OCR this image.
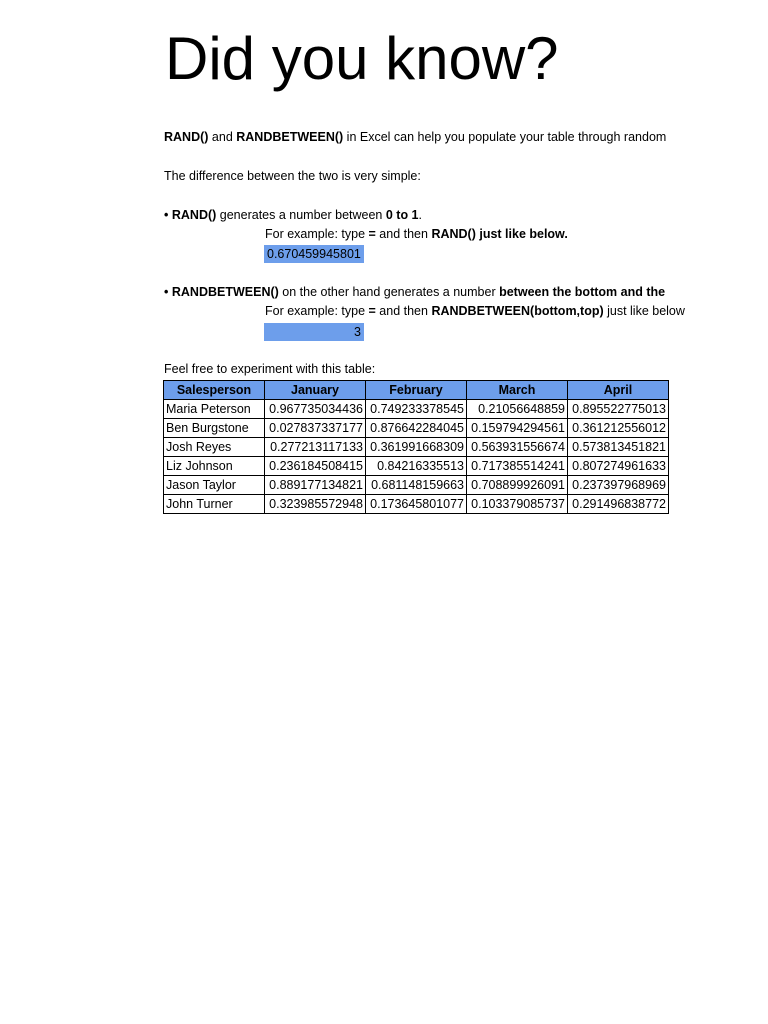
Did you know?
RAND() and RANDBETWEEN() in Excel can help you populate your table through random
The difference between the two is very simple:
• RAND() generates a number between 0 to 1.
For example: type = and then RAND() just like below.
0.670459945801
• RANDBETWEEN() on the other hand generates a number between the bottom and the
For example: type = and then RANDBETWEEN(bottom,top) just like below
3
Feel free to experiment with this table:
Salesperson	January	February	March	April
Maria Peterson	0.967735034436	0.749233378545	0.21056648859	0.895522775013
Ben Burgstone	0.027837337177	0.876642284045	0.159794294561	0.361212556012
Josh Reyes	0.277213117133	0.361991668309	0.563931556674	0.573813451821
Liz Johnson	0.236184508415	0.84216335513	0.717385514241	0.807274961633
Jason Taylor	0.889177134821	0.681148159663	0.708899926091	0.237397968969
John Turner	0.323985572948	0.173645801077	0.103379085737	0.291496838772
